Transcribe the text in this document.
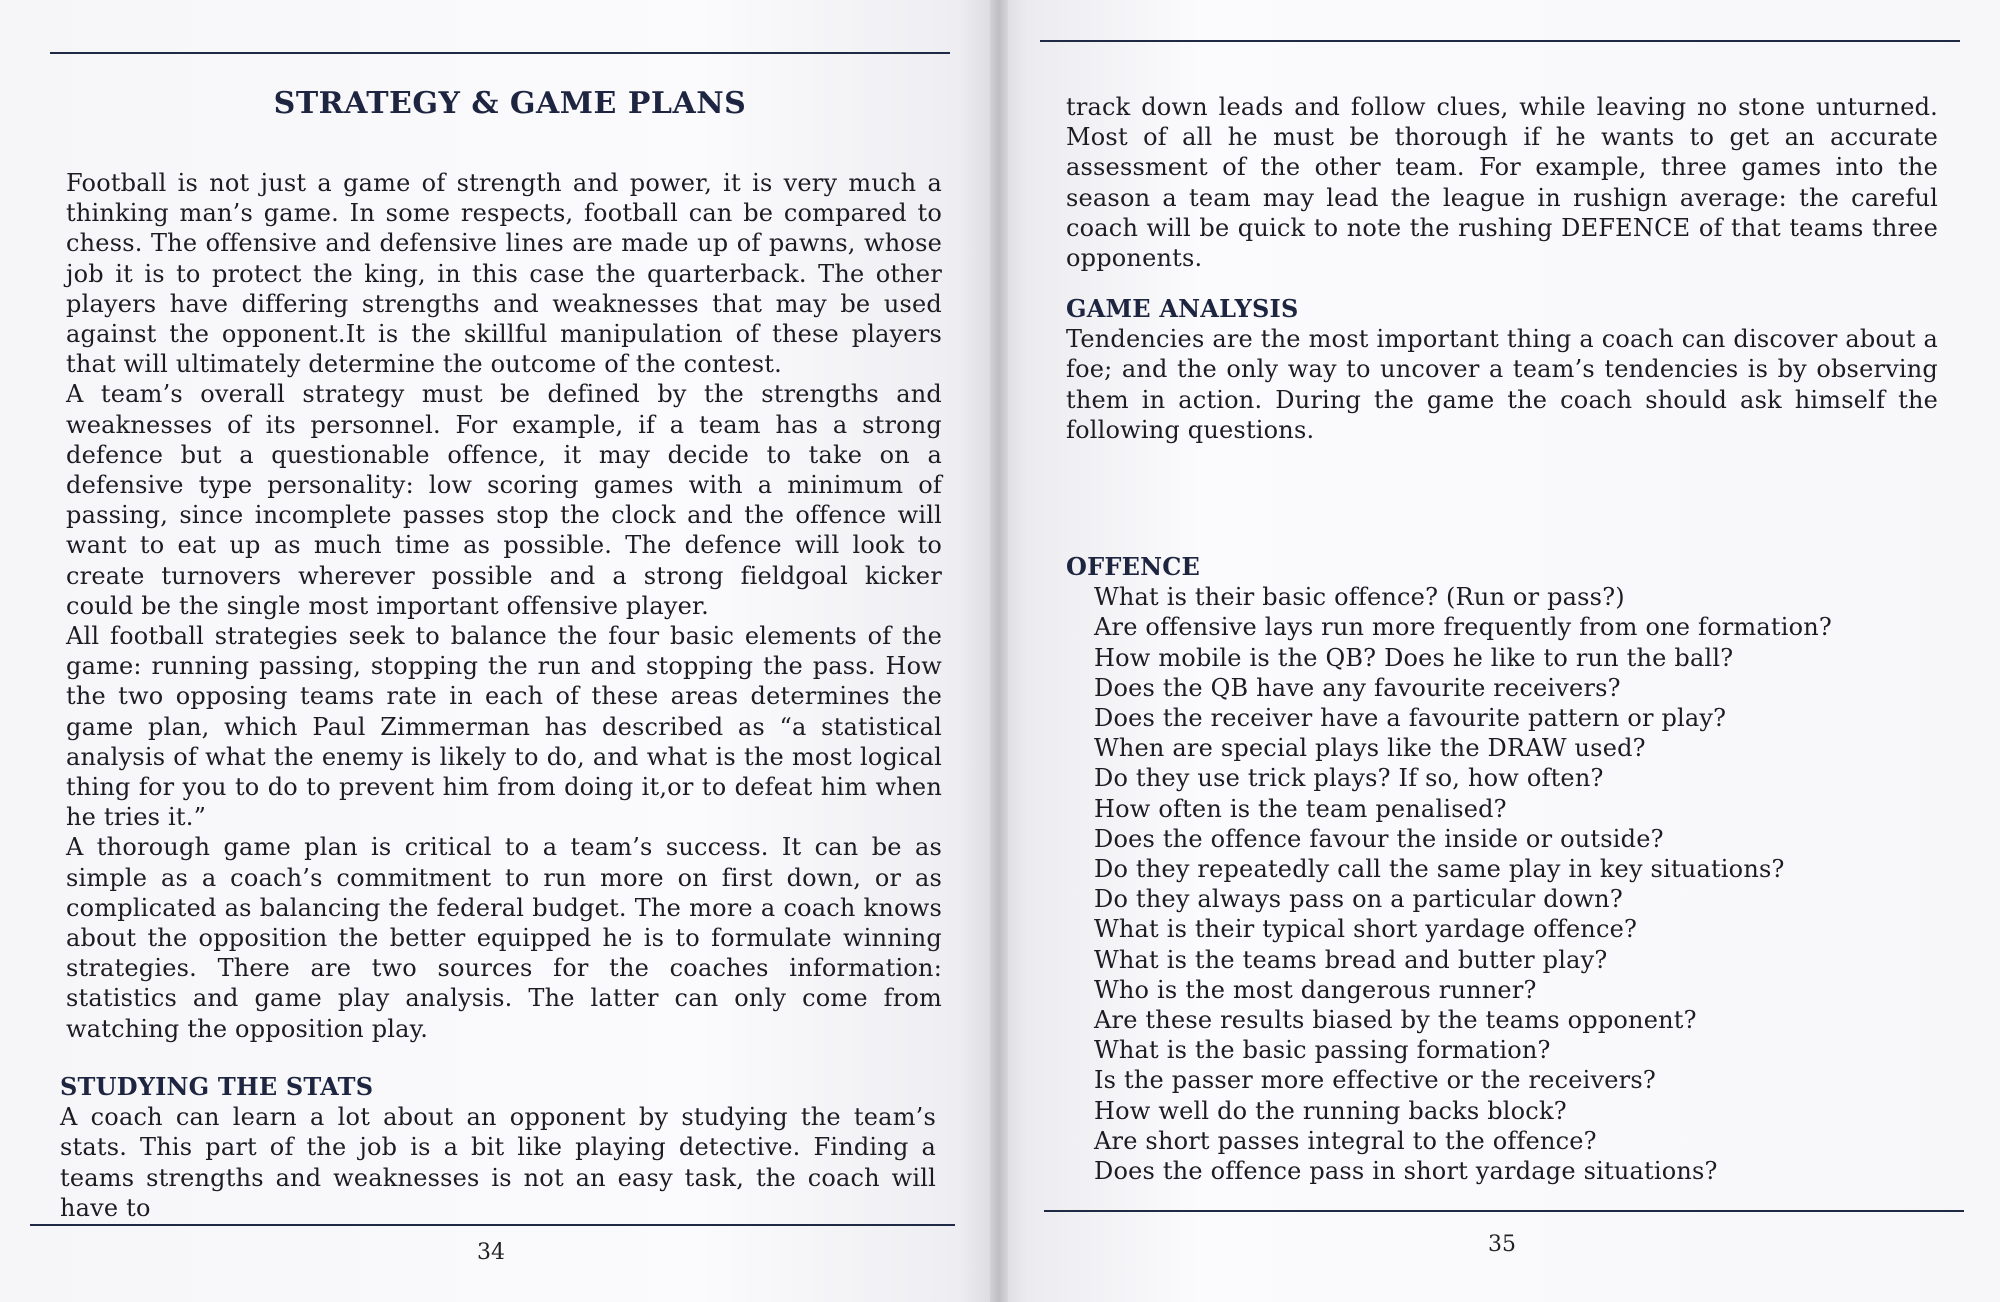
STRATEGY & GAME PLANS

Football is not just a game of strength and power, it is very much a thinking man’s game. In some respects, football can be compared to chess. The offensive and defensive lines are made up of pawns, whose job it is to protect the king, in this case the quarterback. The other players have differing strengths and weaknesses that may be used against the opponent.It is the skillful manipulation of these players that will ultimately determine the outcome of the contest.

A team’s overall strategy must be defined by the strengths and weaknesses of its personnel. For example, if a team has a strong defence but a questionable offence, it may decide to take on a defensive type personality: low scoring games with a minimum of passing, since incomplete passes stop the clock and the offence will want to eat up as much time as possible. The defence will look to create turnovers wherever possible and a strong fieldgoal kicker could be the single most important offensive player.

All football strategies seek to balance the four basic elements of the game: running passing, stopping the run and stopping the pass. How the two opposing teams rate in each of these areas determines the game plan, which Paul Zimmerman has described as “a statistical analysis of what the enemy is likely to do, and what is the most logical thing for you to do to prevent him from doing it,or to defeat him when he tries it.”

A thorough game plan is critical to a team’s success. It can be as simple as a coach’s commitment to run more on first down, or as complicated as balancing the federal budget. The more a coach knows about the opposition the better equipped he is to formulate winning strategies. There are two sources for the coaches information: statistics and game play analysis. The latter can only come from watching the opposition play.

STUDYING THE STATS

A coach can learn a lot about an opponent by studying the team’s stats. This part of the job is a bit like playing detective. Finding a teams strengths and weaknesses is not an easy task, the coach will have to

34

track down leads and follow clues, while leaving no stone unturned. Most of all he must be thorough if he wants to get an accurate assessment of the other team. For example, three games into the season a team may lead the league in rushign average: the careful coach will be quick to note the rushing DEFENCE of that teams three opponents.

GAME ANALYSIS

Tendencies are the most important thing a coach can discover about a foe; and the only way to uncover a team’s tendencies is by observing them in action. During the game the coach should ask himself the following questions.

OFFENCE

What is their basic offence? (Run or pass?)
Are offensive lays run more frequently from one formation?
How mobile is the QB? Does he like to run the ball?
Does the QB have any favourite receivers?
Does the receiver have a favourite pattern or play?
When are special plays like the DRAW used?
Do they use trick plays? If so, how often?
How often is the team penalised?
Does the offence favour the inside or outside?
Do they repeatedly call the same play in key situations?
Do they always pass on a particular down?
What is their typical short yardage offence?
What is the teams bread and butter play?
Who is the most dangerous runner?
Are these results biased by the teams opponent?
What is the basic passing formation?
Is the passer more effective or the receivers?
How well do the running backs block?
Are short passes integral to the offence?
Does the offence pass in short yardage situations?
35
